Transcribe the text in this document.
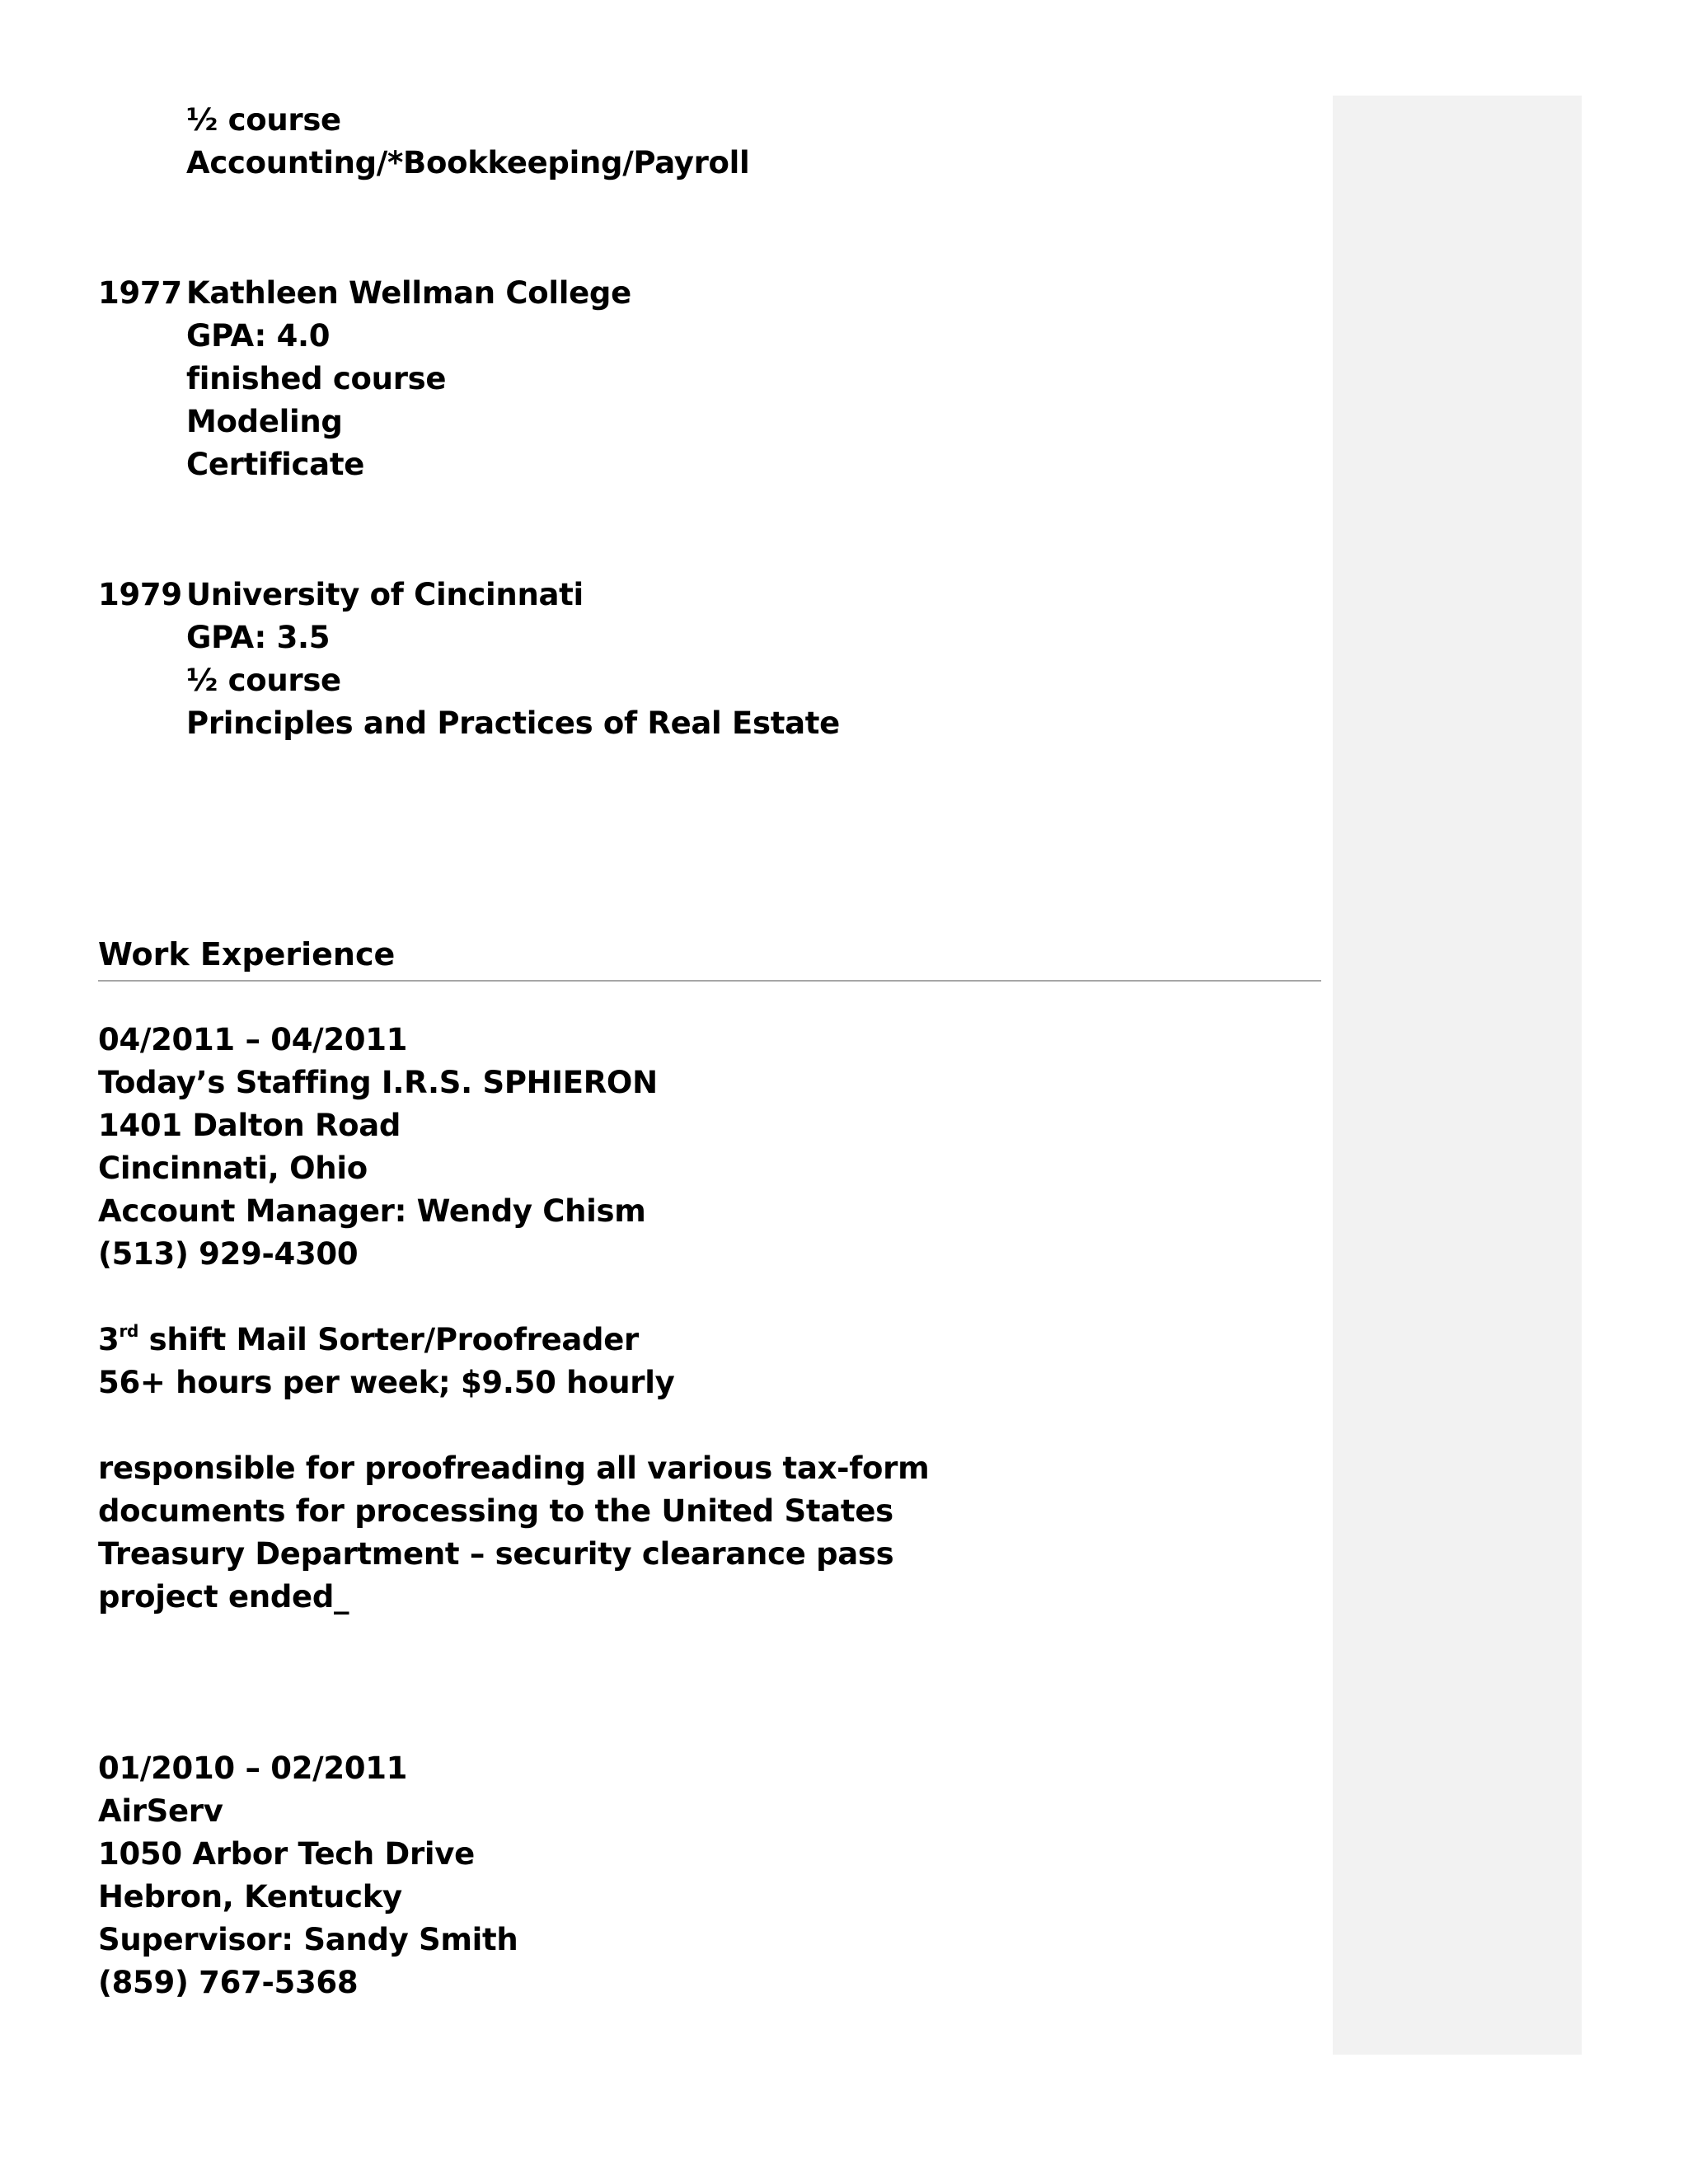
½ course
Accounting/*Bookkeeping/Payroll
1977 Kathleen Wellman College
GPA: 4.0
finished course
Modeling
Certificate
1979 University of Cincinnati
GPA: 3.5
½ course
Principles and Practices of Real Estate
Work Experience
04/2011 – 04/2011
Today’s Staffing I.R.S. SPHIERON
1401 Dalton Road
Cincinnati, Ohio
Account Manager: Wendy Chism
(513) 929-4300
3rd shift Mail Sorter/Proofreader
56+ hours per week; $9.50 hourly
responsible for proofreading all various tax-form
documents for processing to the United States
Treasury Department – security clearance pass
project ended_
01/2010 – 02/2011
AirServ
1050 Arbor Tech Drive
Hebron, Kentucky
Supervisor: Sandy Smith
(859) 767-5368
